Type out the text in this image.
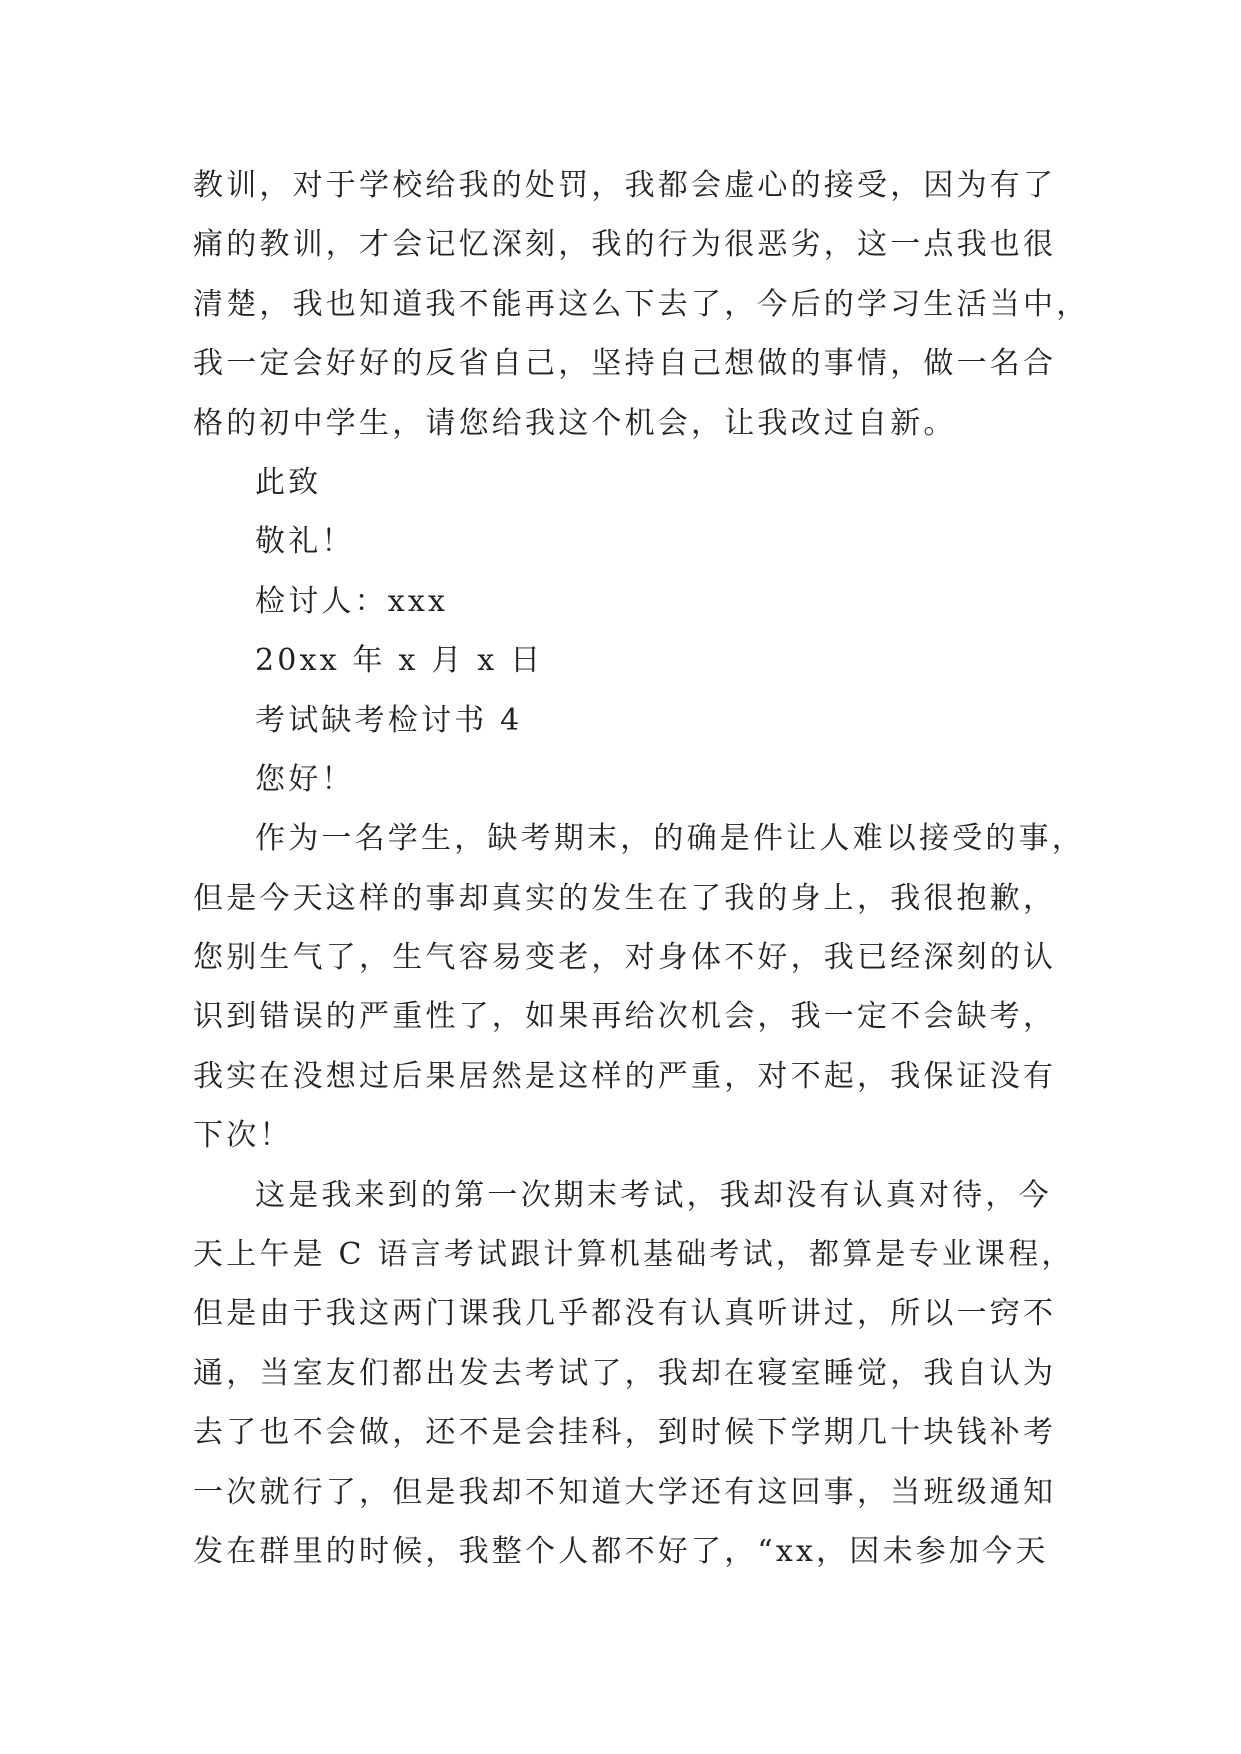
教训，对于学校给我的处罚，我都会虚心的接受，因为有了
痛的教训，才会记忆深刻，我的行为很恶劣，这一点我也很
清楚，我也知道我不能再这么下去了，今后的学习生活当中，
我一定会好好的反省自己，坚持自己想做的事情，做一名合
格的初中学生，请您给我这个机会，让我改过自新。
此致
敬礼！
检讨人：xxx
20xx 年 x 月 x 日
考试缺考检讨书 4
您好！
作为一名学生，缺考期末，的确是件让人难以接受的事，
但是今天这样的事却真实的发生在了我的身上，我很抱歉，
您别生气了，生气容易变老，对身体不好，我已经深刻的认
识到错误的严重性了，如果再给次机会，我一定不会缺考，
我实在没想过后果居然是这样的严重，对不起，我保证没有
下次！
这是我来到的第一次期末考试，我却没有认真对待，今
天上午是 C 语言考试跟计算机基础考试，都算是专业课程，
但是由于我这两门课我几乎都没有认真听讲过，所以一窍不
通，当室友们都出发去考试了，我却在寝室睡觉，我自认为
去了也不会做，还不是会挂科，到时候下学期几十块钱补考
一次就行了，但是我却不知道大学还有这回事，当班级通知
发在群里的时候，我整个人都不好了，“xx，因未参加今天
